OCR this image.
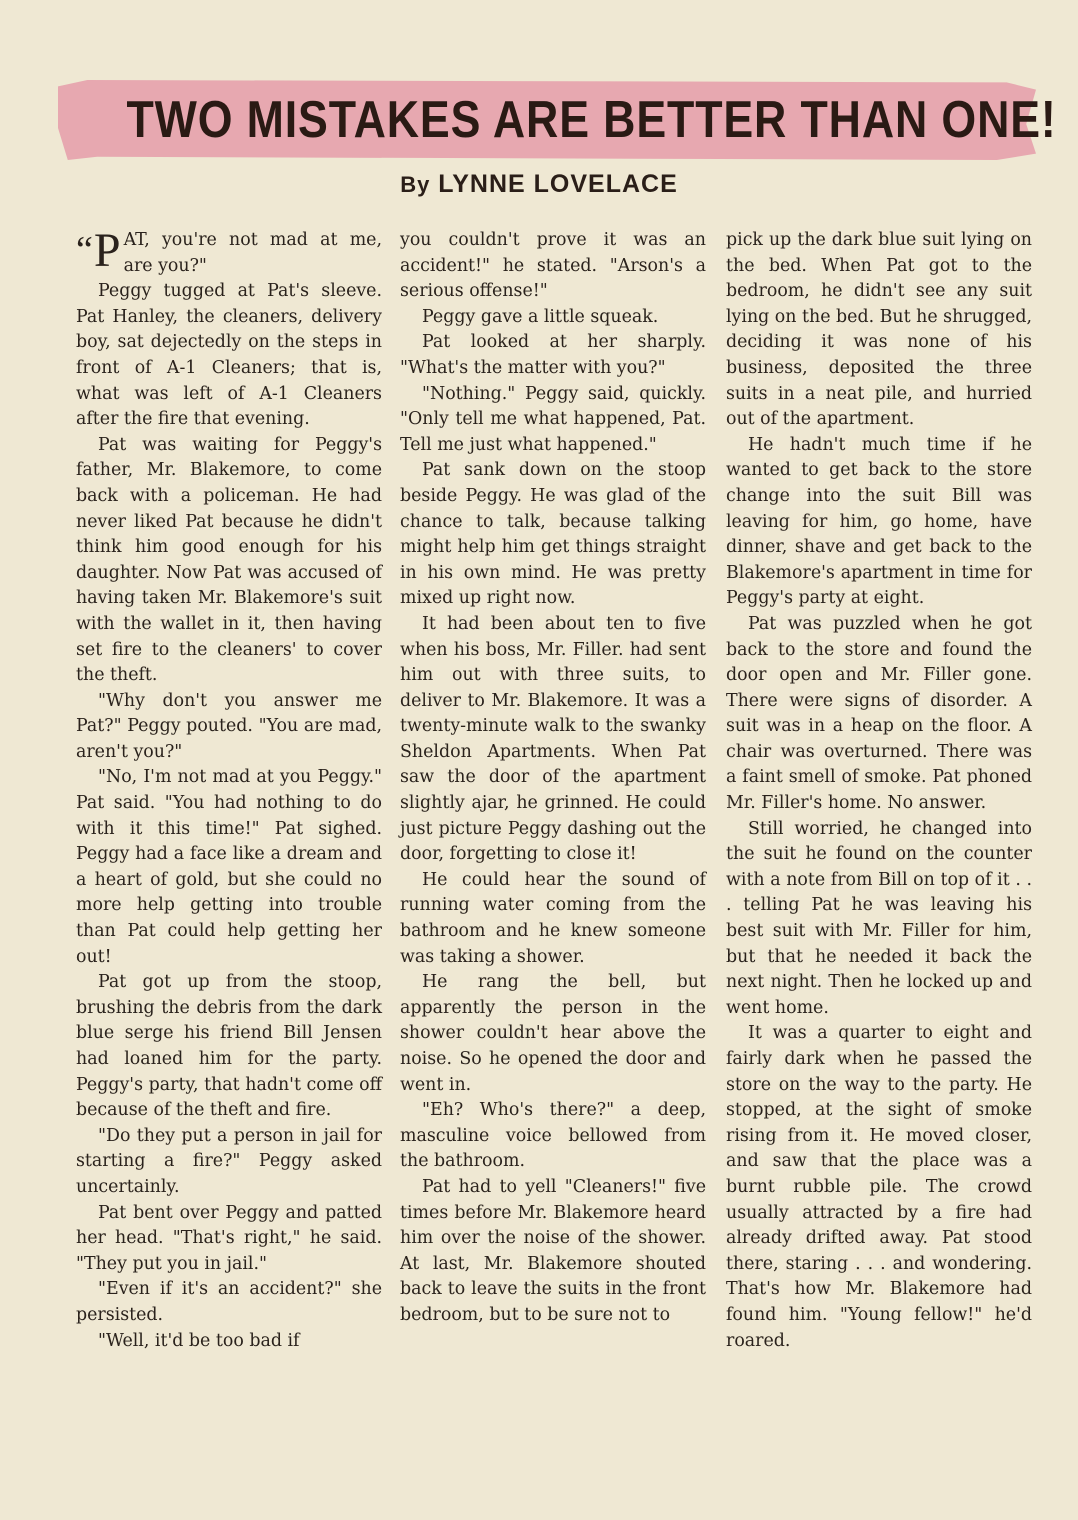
TWO MISTAKES ARE BETTER THAN ONE!
By LYNNE LOVELACE

“P AT, you're not mad at me, are you?"

Peggy tugged at Pat's sleeve. Pat Hanley, the cleaners, delivery boy, sat dejectedly on the steps in front of A-1 Cleaners; that is, what was left of A-1 Cleaners after the fire that evening.

Pat was waiting for Peggy's father, Mr. Blakemore, to come back with a policeman. He had never liked Pat because he didn't think him good enough for his daughter. Now Pat was accused of having taken Mr. Blakemore's suit with the wallet in it, then having set fire to the cleaners' to cover the theft.

"Why don't you answer me Pat?" Peggy pouted. "You are mad, aren't you?"

"No, I'm not mad at you Peggy." Pat said. "You had nothing to do with it this time!" Pat sighed. Peggy had a face like a dream and a heart of gold, but she could no more help getting into trouble than Pat could help getting her out!

Pat got up from the stoop, brushing the debris from the dark blue serge his friend Bill Jensen had loaned him for the party. Peggy's party, that hadn't come off because of the theft and fire.

"Do they put a person in jail for starting a fire?" Peggy asked uncertainly.

Pat bent over Peggy and patted her head. "That's right," he said. "They put you in jail."

"Even if it's an accident?" she persisted.

"Well, it'd be too bad if

you couldn't prove it was an accident!" he stated. "Arson's a serious offense!"

Peggy gave a little squeak.

Pat looked at her sharply. "What's the matter with you?"

"Nothing." Peggy said, quickly. "Only tell me what happened, Pat. Tell me just what happened."

Pat sank down on the stoop beside Peggy. He was glad of the chance to talk, because talking might help him get things straight in his own mind. He was pretty mixed up right now.

It had been about ten to five when his boss, Mr. Filler. had sent him out with three suits, to deliver to Mr. Blakemore. It was a twenty-minute walk to the swanky Sheldon Apartments. When Pat saw the door of the apartment slightly ajar, he grinned. He could just picture Peggy dashing out the door, forgetting to close it!

He could hear the sound of running water coming from the bathroom and he knew someone was taking a shower.

He rang the bell, but apparently the person in the shower couldn't hear above the noise. So he opened the door and went in.

"Eh? Who's there?" a deep, masculine voice bellowed from the bathroom.

Pat had to yell "Cleaners!" five times before Mr. Blakemore heard him over the noise of the shower. At last, Mr. Blakemore shouted back to leave the suits in the front bedroom, but to be sure not to

pick up the dark blue suit lying on the bed. When Pat got to the bedroom, he didn't see any suit lying on the bed. But he shrugged, deciding it was none of his business, deposited the three suits in a neat pile, and hurried out of the apartment.

He hadn't much time if he wanted to get back to the store change into the suit Bill was leaving for him, go home, have dinner, shave and get back to the Blakemore's apartment in time for Peggy's party at eight.

Pat was puzzled when he got back to the store and found the door open and Mr. Filler gone. There were signs of disorder. A suit was in a heap on the floor. A chair was overturned. There was a faint smell of smoke. Pat phoned Mr. Filler's home. No answer.

Still worried, he changed into the suit he found on the counter with a note from Bill on top of it . . . telling Pat he was leaving his best suit with Mr. Filler for him, but that he needed it back the next night. Then he locked up and went home.

It was a quarter to eight and fairly dark when he passed the store on the way to the party. He stopped, at the sight of smoke rising from it. He moved closer, and saw that the place was a burnt rubble pile. The crowd usually attracted by a fire had already drifted away. Pat stood there, staring . . . and wondering. That's how Mr. Blakemore had found him. "Young fellow!" he'd roared.
